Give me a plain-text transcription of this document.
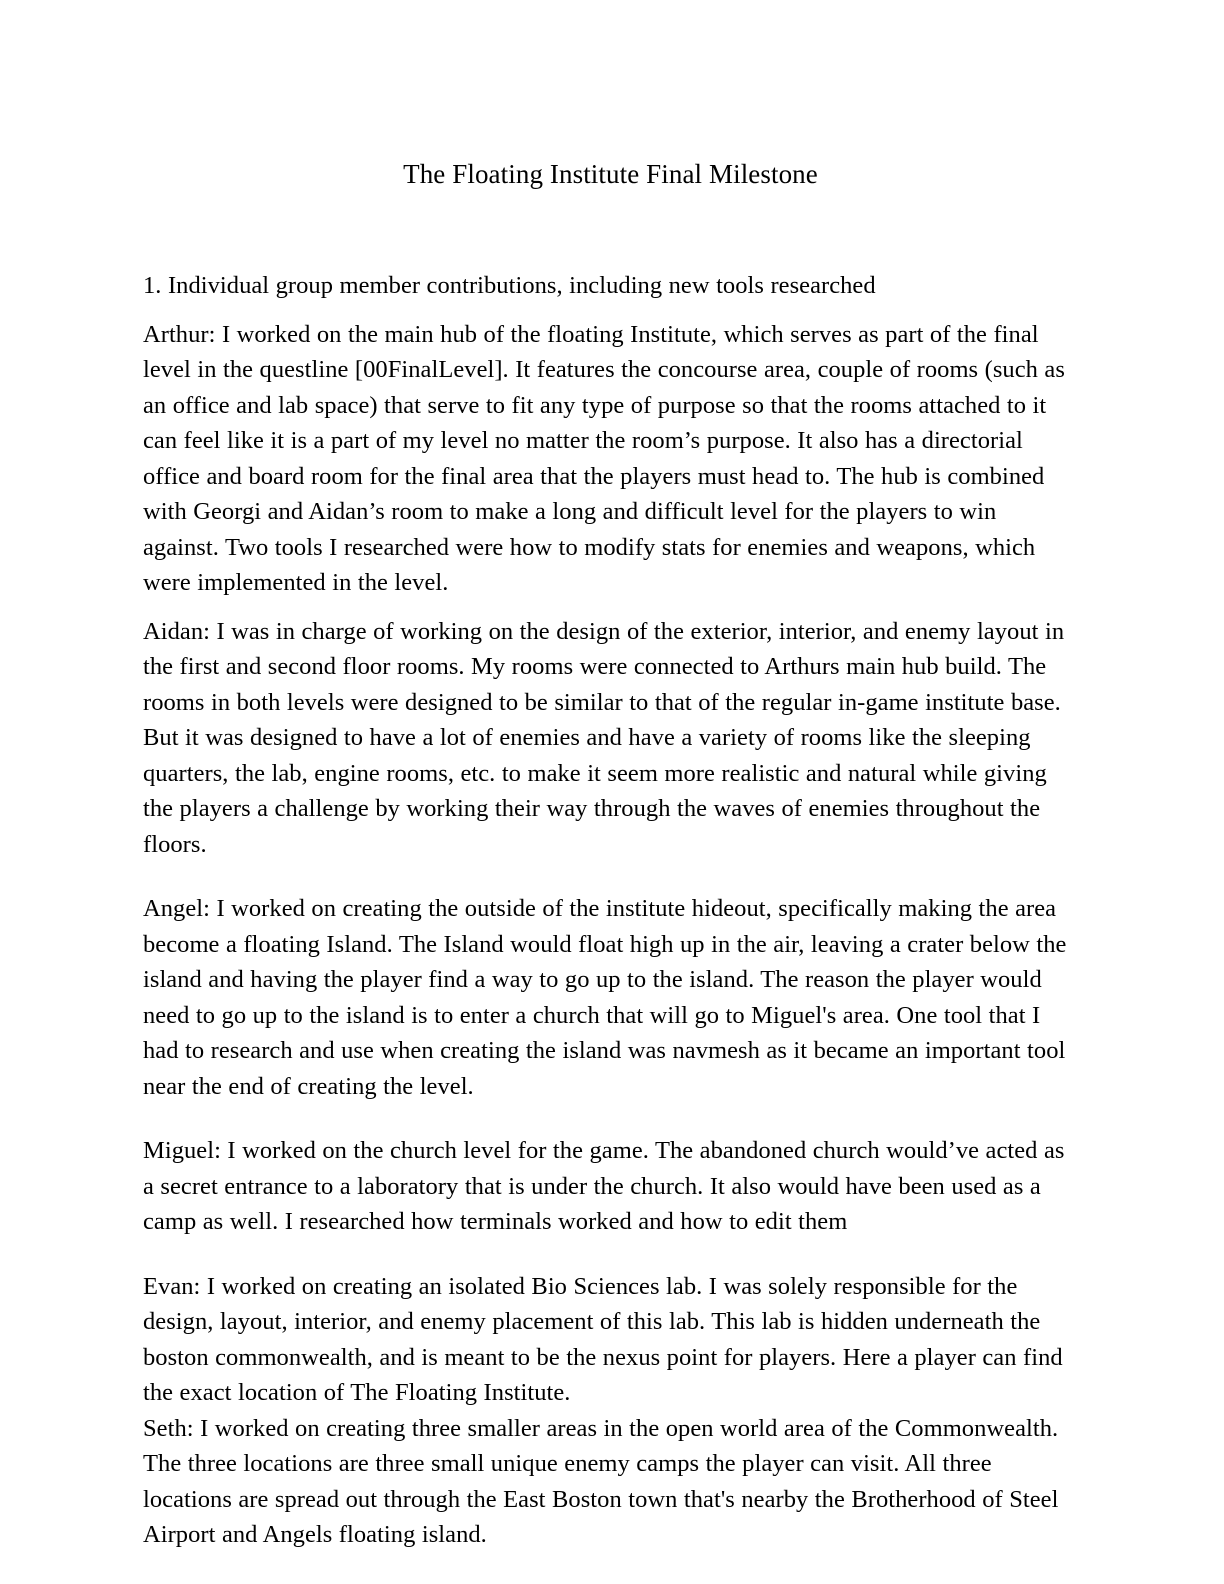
The Floating Institute Final Milestone

1. Individual group member contributions, including new tools researched

Arthur: I worked on the main hub of the floating Institute, which serves as part of the final level in the questline [00FinalLevel]. It features the concourse area, couple of rooms (such as an office and lab space) that serve to fit any type of purpose so that the rooms attached to it can feel like it is a part of my level no matter the room’s purpose. It also has a directorial office and board room for the final area that the players must head to. The hub is combined with Georgi and Aidan’s room to make a long and difficult level for the players to win against. Two tools I researched were how to modify stats for enemies and weapons, which were implemented in the level.

Aidan: I was in charge of working on the design of the exterior, interior, and enemy layout in the first and second floor rooms. My rooms were connected to Arthurs main hub build. The rooms in both levels were designed to be similar to that of the regular in-game institute base. But it was designed to have a lot of enemies and have a variety of rooms like the sleeping quarters, the lab, engine rooms, etc. to make it seem more realistic and natural while giving the players a challenge by working their way through the waves of enemies throughout the floors.

Angel: I worked on creating the outside of the institute hideout, specifically making the area become a floating Island. The Island would float high up in the air, leaving a crater below the island and having the player find a way to go up to the island. The reason the player would need to go up to the island is to enter a church that will go to Miguel's area. One tool that I had to research and use when creating the island was navmesh as it became an important tool near the end of creating the level.

Miguel: I worked on the church level for the game. The abandoned church would’ve acted as a secret entrance to a laboratory that is under the church. It also would have been used as a camp as well. I researched how terminals worked and how to edit them

Evan: I worked on creating an isolated Bio Sciences lab. I was solely responsible for the design, layout, interior, and enemy placement of this lab. This lab is hidden underneath the boston commonwealth, and is meant to be the nexus point for players. Here a player can find the exact location of The Floating Institute.

Seth: I worked on creating three smaller areas in the open world area of the Commonwealth. The three locations are three small unique enemy camps the player can visit. All three locations are spread out through the East Boston town that's nearby the Brotherhood of Steel Airport and Angels floating island.
